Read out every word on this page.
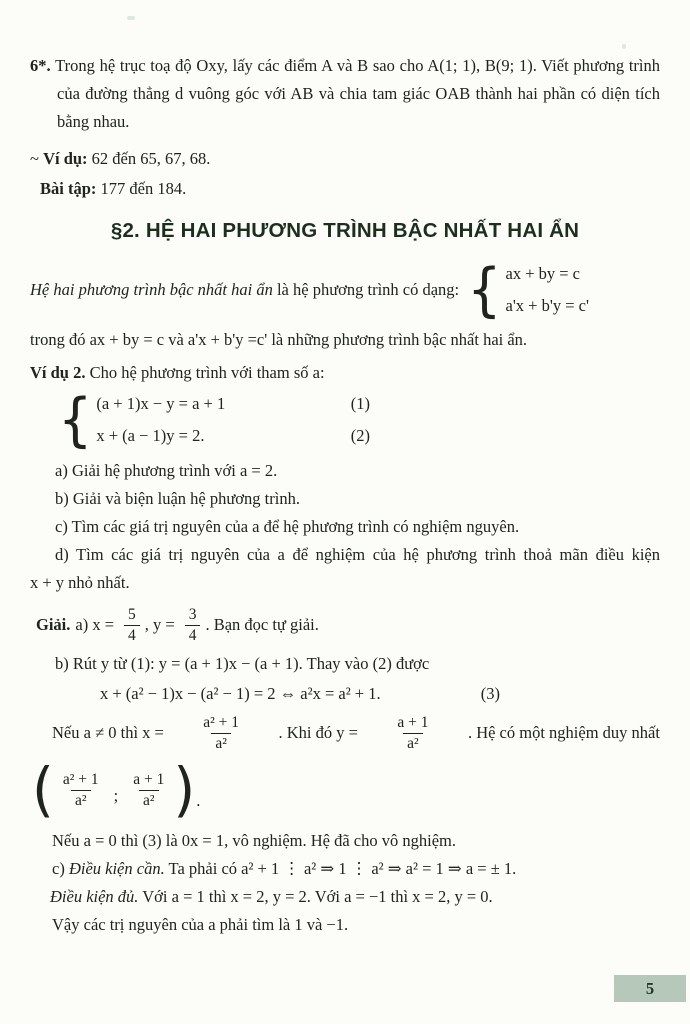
6*. Trong hệ trục toạ độ Oxy, lấy các điểm A và B sao cho A(1; 1), B(9; 1). Viết phương trình của đường thẳng d vuông góc với AB và chia tam giác OAB thành hai phần có diện tích bằng nhau.
~ Ví dụ: 62 đến 65, 67, 68.
Bài tập: 177 đến 184.
§2. HỆ HAI PHƯƠNG TRÌNH BẬC NHẤT HAI ẨN
Hệ hai phương trình bậc nhất hai ẩn là hệ phương trình có dạng: { ax + by = c
a'x + b'y = c'
trong đó ax + by = c và a'x + b'y =c' là những phương trình bậc nhất hai ẩn.
Ví dụ 2. Cho hệ phương trình với tham số a:
{ (a + 1)x − y = a + 1
x + (a − 1)y = 2.
(1)
(2)
a) Giải hệ phương trình với a = 2.
b) Giải và biện luận hệ phương trình.
c) Tìm các giá trị nguyên của a để hệ phương trình có nghiệm nguyên.
d) Tìm các giá trị nguyên của a để nghiệm của hệ phương trình thoả mãn điều kiện
x + y nhỏ nhất.
Giải. a) $x = \frac{5}{4}$ , $y = \frac{3}{4}$ . Bạn đọc tự giải.
b) Rút y từ (1): y = (a + 1)x − (a + 1). Thay vào (2) được
x + (a² − 1)x − (a² − 1) = 2 ⇔ a²x = a² + 1.	(3)
Nếu a ≠ 0 thì $x = \frac{\text{a² + 1}}{\text{a²}}$ . Khi đó $y = \frac{a + 1}{\text{a²}}$ . Hệ có một nghiệm duy nhất
( $\frac{\text{a² + 1}}{\text{a²}}$ ; $\frac{a + 1}{\text{a²}}$ ) .
Nếu a = 0 thì (3) là 0x = 1, vô nghiệm. Hệ đã cho vô nghiệm.
c) Điều kiện cần. Ta phải có a² + 1 ⋮ a² ⇒ 1 ⋮ a² ⇒ a² = 1 ⇒ a = ± 1.
Điều kiện đủ. Với a = 1 thì x = 2, y = 2. Với a = −1 thì x = 2, y = 0.
Vậy các trị nguyên của a phải tìm là 1 và −1.
5
